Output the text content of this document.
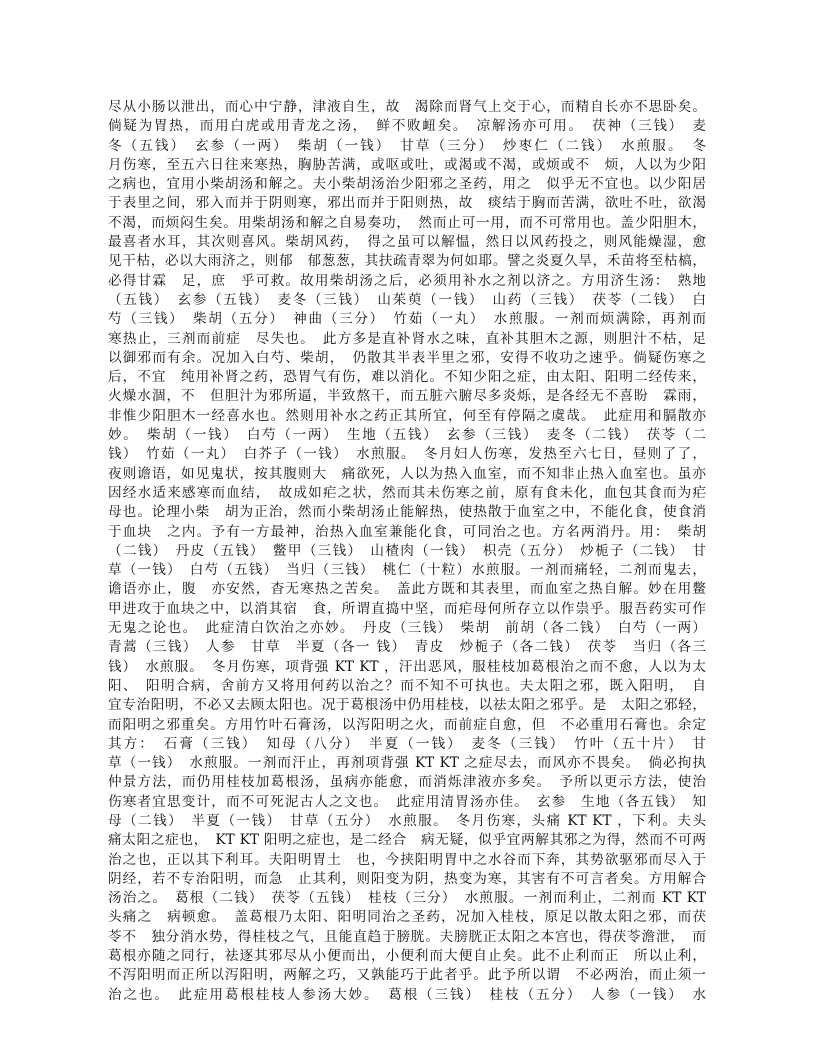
尽从小肠以泄出，而心中宁静，津液自生，故　渴除而肾气上交于心，而精自长亦不思卧矣。
倘疑为胃热，而用白虎或用青龙之汤，　鲜不败衄矣。　凉解汤亦可用。　茯神（三钱）　麦
冬（五钱）　玄参（一两）　柴胡（一钱）　甘草（三分）　炒枣仁（二钱）　水煎服。　冬
月伤寒，至五六日往来寒热，胸胁苦满，或呕或吐，或渴或不渴，或烦或不　烦，人以为少阳
之病也，宜用小柴胡汤和解之。夫小柴胡汤治少阳邪之圣药，用之　似乎无不宜也。以少阳居
于表里之间，邪入而并于阴则寒，邪出而并于阳则热，故　痰结于胸而苦满，欲吐不吐，欲渴
不渴，而烦闷生矣。用柴胡汤和解之自易奏功，　然而止可一用，而不可常用也。盖少阳胆木，
最喜者水耳，其次则喜风。柴胡风药，　得之虽可以解愠，然日以风药投之，则风能燥湿，愈
见干枯，必以大雨济之，则郁　郁葱葱，其扶疏青翠为何如耶。譬之炎夏久旱，禾苗将至枯槁，
必得甘霖　足，庶　乎可救。故用柴胡汤之后，必须用补水之剂以济之。方用济生汤：　熟地
（五钱）　玄参（五钱）　麦冬（三钱）　山茱萸（一钱）　山药（三钱）　茯苓（二钱）　白
芍（三钱）　柴胡（五分）　神曲（三分）　竹茹（一丸）　水煎服。一剂而烦满除，再剂而
寒热止，三剂而前症　尽失也。　此方多是直补肾水之味，直补其胆木之源，则胆汁不枯，足
以御邪而有余。况加入白芍、柴胡，　仍散其半表半里之邪，安得不收功之速乎。倘疑伤寒之
后，不宜　纯用补肾之药，恐胃气有伤，难以消化。不知少阳之症，由太阳、阳明二经传来，
火燥水涸，不　但胆汁为邪所逼，半致熬干，而五脏六腑尽多炎烁，是各经无不喜盼　霖雨，
非惟少阳胆木一经喜水也。然则用补水之药正其所宜，何至有停隔之虞哉。　此症用和膈散亦
妙。　柴胡（一钱）　白芍（一两）　生地（五钱）　玄参（三钱）　麦冬（二钱）　茯苓（二
钱）　竹茹（一丸）　白芥子（一钱）　水煎服。　冬月妇人伤寒，发热至六七日，昼则了了，
夜则谵语，如见鬼状，按其腹则大　痛欲死，人以为热入血室，而不知非止热入血室也。虽亦
因经水适来感寒而血结，　故成如疟之状，然而其未伤寒之前，原有食未化，血包其食而为疟
母也。论理小柴　胡为正治，然而小柴胡汤止能解热，使热散于血室之中，不能化食，使食消
于血块　之内。予有一方最神，治热入血室兼能化食，可同治之也。方名两消丹。用：　柴胡
（二钱）　丹皮（五钱）　鳖甲（三钱）　山楂肉（一钱）　枳壳（五分）　炒栀子（二钱）　甘
草（一钱）　白芍（五钱）　当归（三钱）　桃仁（十粒）水煎服。一剂而痛轻，二剂而鬼去，
谵语亦止，腹　亦安然，杳无寒热之苦矣。　盖此方既和其表里，而血室之热自解。妙在用鳖
甲进攻于血块之中，以消其宿　食，所谓直捣中坚，而疟母何所存立以作祟乎。服吾药实可作
无鬼之论也。　此症清白饮治之亦妙。　丹皮（三钱）　柴胡　前胡（各二钱）　白芍（一两）
青蒿（三钱）　人参　甘草　半夏（各一 钱）　青皮　炒栀子（各二钱）　茯苓　当归（各三
钱）　水煎服。　冬月伤寒，项背强 KT KT ，汗出恶风，服桂枝加葛根治之而不愈，人以为太
阳、　阳明合病，舍前方又将用何药以治之？而不知不可执也。夫太阳之邪，既入阳明，　自
宜专治阳明，不必又去顾太阳也。况于葛根汤中仍用桂枝，以祛太阳之邪乎。是　太阳之邪轻，
而阳明之邪重矣。方用竹叶石膏汤，以泻阳明之火，而前症自愈，但　不必重用石膏也。余定
其方：　石膏（三钱）　知母（八分）　半夏（一钱）　麦冬（三钱）　竹叶（五十片）　甘
草（一钱）　水煎服。一剂而汗止，再剂项背强 KT KT 之症尽去，而风亦不畏矣。　倘必拘执
仲景方法，而仍用桂枝加葛根汤，虽病亦能愈，而消烁津液亦多矣。　予所以更示方法，使治
伤寒者宜思变计，而不可死泥古人之文也。　此症用清胃汤亦佳。　玄参　生地（各五钱）　知
母（二钱）　半夏（一钱）　甘草（五分）　水煎服。　冬月伤寒，头痛 KT KT ，下利。夫头
痛太阳之症也，　KT KT 阳明之症也，是二经合　病无疑，似乎宜两解其邪之为得，然而不可两
治之也，正以其下利耳。夫阳明胃土　也，今挟阳明胃中之水谷而下奔，其势欲驱邪而尽入于
阴经，若不专治阳明，而急　止其利，则阳变为阴，热变为寒，其害有不可言者矣。方用解合
汤治之。　葛根（二钱）　茯苓（五钱）　桂枝（三分）　水煎服。一剂而利止，二剂而 KT KT
头痛之　病顿愈。　盖葛根乃太阳、阳明同治之圣药，况加入桂枝，原足以散太阳之邪，而茯
苓不　独分消水势，得桂枝之气，且能直趋于膀胱。夫膀胱正太阳之本宫也，得茯苓澹泄，　而
葛根亦随之同行，祛逐其邪尽从小便而出，小便利而大便自止矣。此不止利而正　所以止利，
不泻阳明而正所以泻阳明，两解之巧，又孰能巧于此者乎。此予所以谓　不必两治，而止须一
治之也。　此症用葛根桂枝人参汤大妙。　葛根（三钱）　桂枝（五分）　人参（一钱）　水
